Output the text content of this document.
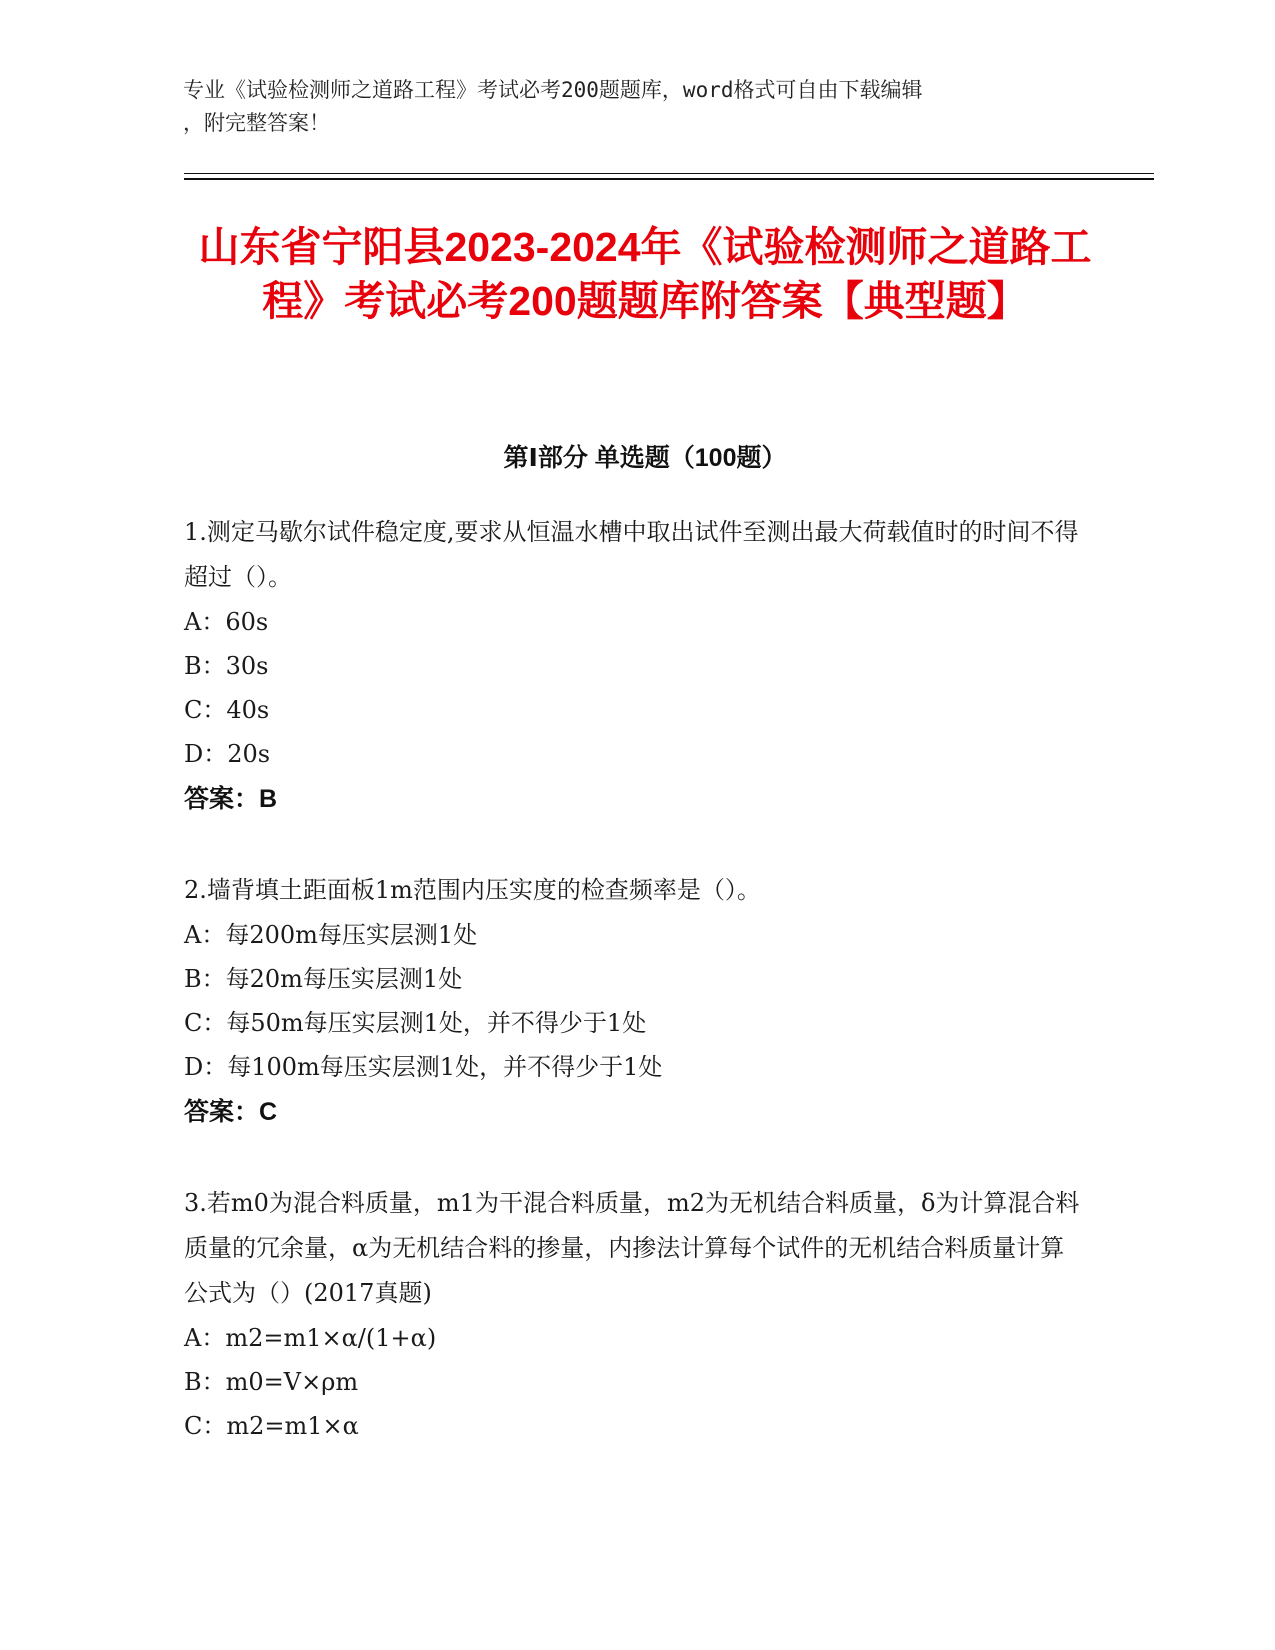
专业《试验检测师之道路工程》考试必考200题题库，word格式可自由下载编辑

，附完整答案！

山东省宁阳县2023-2024年《试验检测师之道路工程》考试必考200题题库附答案【典型题】
第Ⅰ部分 单选题（100题）

1.测定马歇尔试件稳定度,要求从恒温水槽中取出试件至测出最大荷载值时的时间不得超过（）。

A：60s

B：30s

C：40s

D：20s

答案：B

2.墙背填土距面板1m范围内压实度的检查频率是（）。

A：每200m每压实层测1处

B：每20m每压实层测1处

C：每50m每压实层测1处，并不得少于1处

D：每100m每压实层测1处，并不得少于1处

答案：C

3.若m0为混合料质量，m1为干混合料质量，m2为无机结合料质量，δ为计算混合料质量的冗余量，α为无机结合料的掺量，内掺法计算每个试件的无机结合料质量计算公式为（）(2017真题)

A：m2=m1×α/(1+α)

B：m0=V×ρm

C：m2=m1×α
